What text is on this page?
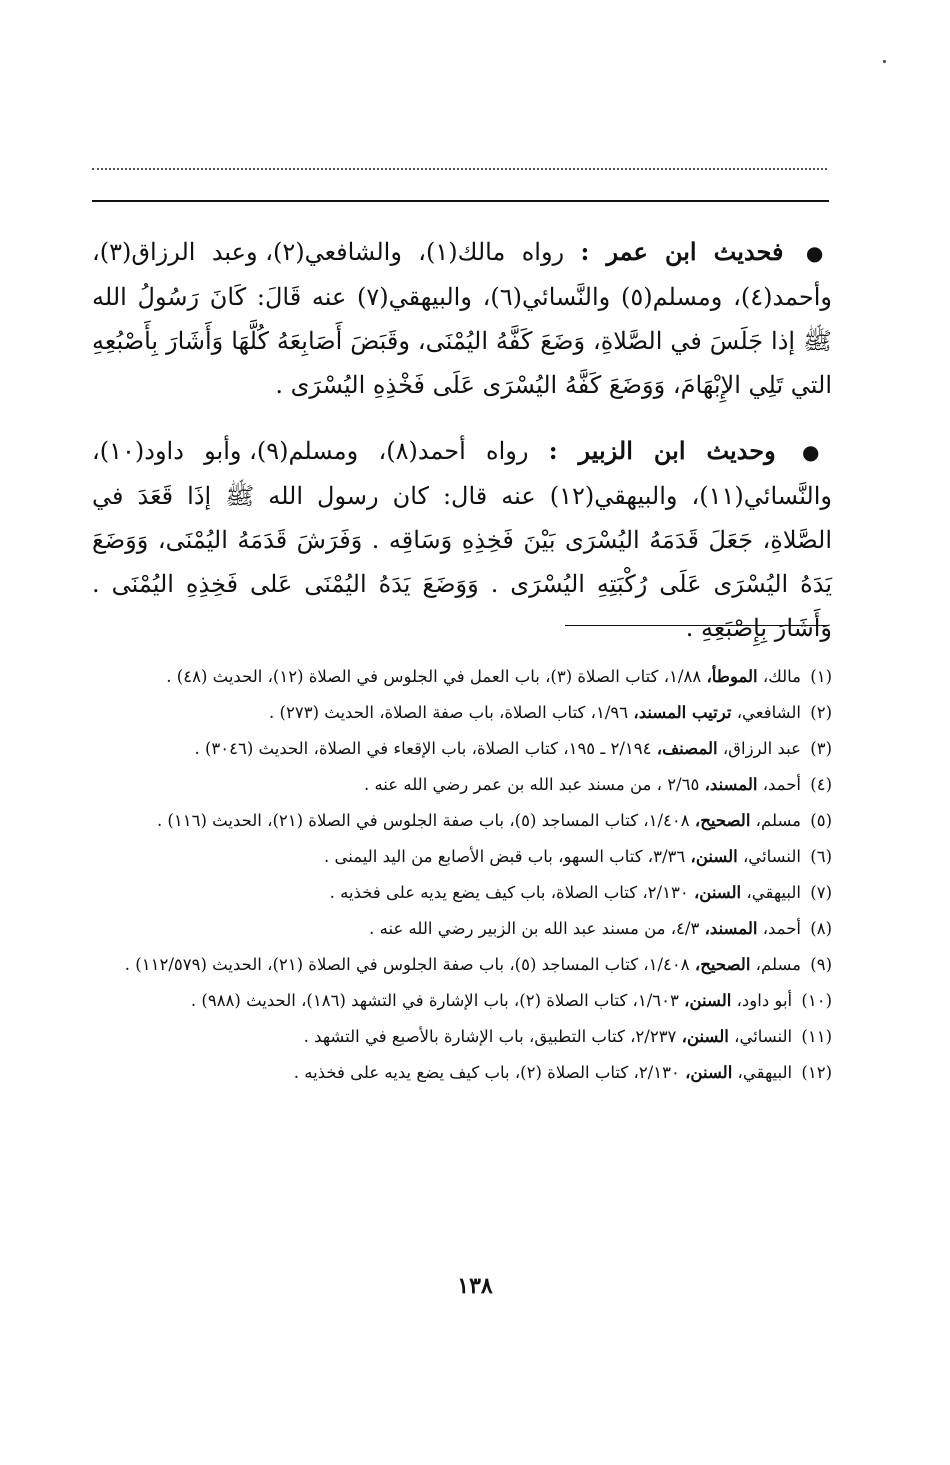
● فحديث ابن عمر : رواه مالك(١)، والشافعي(٢)، وعبد الرزاق(٣)، وأحمد(٤)، ومسلم(٥) والنَّسائي(٦)، والبيهقي(٧) عنه قَالَ: كَانَ رَسُولُ الله ﷺ إذا جَلَسَ في الصَّلاةِ، وَضَعَ كَفَّهُ اليُمْنَى، وقَبَضَ أَصَابِعَهُ كُلَّهَا وَأَشَارَ بِأَصْبُعِهِ التي تَلِي الإِبْهَامَ، وَوَضَعَ كَفَّهُ اليُسْرَى عَلَى فَخْذِهِ اليُسْرَى .

● وحديث ابن الزبير : رواه أحمد(٨)، ومسلم(٩)، وأبو داود(١٠)، والنَّسائي(١١)، والبيهقي(١٢) عنه قال: كان رسول الله ﷺ إذَا قَعَدَ في الصَّلاةِ، جَعَلَ قَدَمَهُ اليُسْرَى بَيْنَ فَخِذِهِ وَسَاقِه . وَفَرَشَ قَدَمَهُ اليُمْنَى، وَوَضَعَ يَدَهُ اليُسْرَى عَلَى رُكْبَتِهِ اليُسْرَى . وَوَضَعَ يَدَهُ اليُمْنَى عَلى فَخِذِهِ اليُمْنَى . وَأَشَارَ بِإِصْبَعِهِ .

(١) مالك، الموطأ، ١/٨٨، كتاب الصلاة (٣)، باب العمل في الجلوس في الصلاة (١٢)، الحديث (٤٨) .

(٢) الشافعي، ترتيب المسند، ١/٩٦، كتاب الصلاة، باب صفة الصلاة، الحديث (٢٧٣) .

(٣) عبد الرزاق، المصنف، ٢/١٩٤ ـ ١٩٥، كتاب الصلاة، باب الإقعاء في الصلاة، الحديث (٣٠٤٦) .

(٤) أحمد، المسند، ٢/٦٥ ، من مسند عبد الله بن عمر رضي الله عنه .

(٥) مسلم، الصحيح، ١/٤٠٨، كتاب المساجد (٥)، باب صفة الجلوس في الصلاة (٢١)، الحديث (١١٦) .

(٦) النسائي، السنن، ٣/٣٦، كتاب السهو، باب قبض الأصابع من اليد اليمنى .

(٧) البيهقي، السنن، ٢/١٣٠، كتاب الصلاة، باب كيف يضع يديه على فخذيه .

(٨) أحمد، المسند، ٤/٣، من مسند عبد الله بن الزبير رضي الله عنه .

(٩) مسلم، الصحيح، ١/٤٠٨، كتاب المساجد (٥)، باب صفة الجلوس في الصلاة (٢١)، الحديث (١١٢/٥٧٩) .

(١٠) أبو داود، السنن، ١/٦٠٣، كتاب الصلاة (٢)، باب الإشارة في التشهد (١٨٦)، الحديث (٩٨٨) .

(١١) النسائي، السنن، ٢/٢٣٧، كتاب التطبيق، باب الإشارة بالأصبع في التشهد .

(١٢) البيهقي، السنن، ٢/١٣٠، كتاب الصلاة (٢)، باب كيف يضع يديه على فخذيه .

١٣٨
